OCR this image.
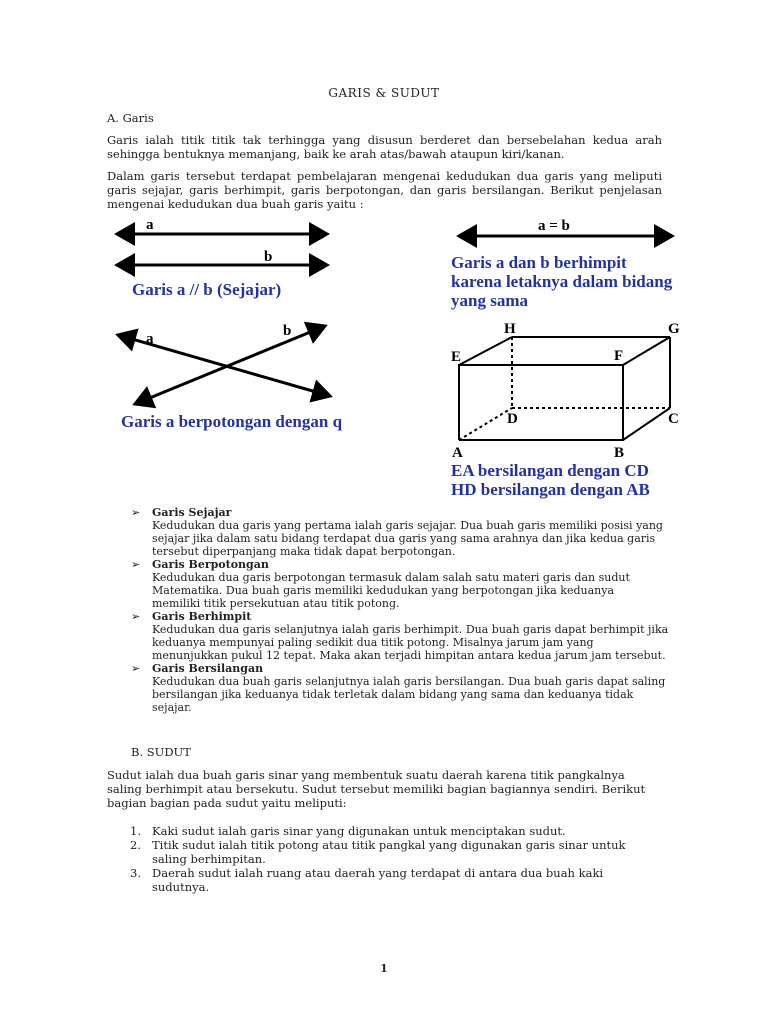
GARIS & SUDUT
A. Garis
Garis ialah titik titik tak terhingga yang disusun berderet dan bersebelahan kedua arah sehingga bentuknya memanjang, baik ke arah atas/bawah ataupun kiri/kanan.
Dalam garis tersebut terdapat pembelajaran mengenai kedudukan dua garis yang meliputi garis sejajar, garis berhimpit, garis berpotongan, dan garis bersilangan. Berikut penjelasan mengenai kedudukan dua buah garis yaitu :
a
b
a = b
a	b
A	B
C
D
E	F
G
H
Garis a // b (Sejajar)
Garis a dan b berhimpit
karena letaknya dalam bidang
yang sama
Garis a berpotongan dengan q
EA bersilangan dengan CD
HD bersilangan dengan AB
➢ Garis Sejajar
Kedudukan dua garis yang pertama ialah garis sejajar. Dua buah garis memiliki posisi yang
sejajar jika dalam satu bidang terdapat dua garis yang sama arahnya dan jika kedua garis
tersebut diperpanjang maka tidak dapat berpotongan.
➢ Garis Berpotongan
Kedudukan dua garis berpotongan termasuk dalam salah satu materi garis dan sudut
Matematika. Dua buah garis memiliki kedudukan yang berpotongan jika keduanya
memiliki titik persekutuan atau titik potong.
➢ Garis Berhimpit
Kedudukan dua garis selanjutnya ialah garis berhimpit. Dua buah garis dapat berhimpit jika
keduanya mempunyai paling sedikit dua titik potong. Misalnya jarum jam yang
menunjukkan pukul 12 tepat. Maka akan terjadi himpitan antara kedua jarum jam tersebut.
➢ Garis Bersilangan
Kedudukan dua buah garis selanjutnya ialah garis bersilangan. Dua buah garis dapat saling
bersilangan jika keduanya tidak terletak dalam bidang yang sama dan keduanya tidak
sejajar.
B. SUDUT
Sudut ialah dua buah garis sinar yang membentuk suatu daerah karena titik pangkalnya
saling berhimpit atau bersekutu. Sudut tersebut memiliki bagian bagiannya sendiri. Berikut
bagian bagian pada sudut yaitu meliputi:
1. Kaki sudut ialah garis sinar yang digunakan untuk menciptakan sudut.
2. Titik sudut ialah titik potong atau titik pangkal yang digunakan garis sinar untuk
saling berhimpitan.
3. Daerah sudut ialah ruang atau daerah yang terdapat di antara dua buah kaki
sudutnya.
1
